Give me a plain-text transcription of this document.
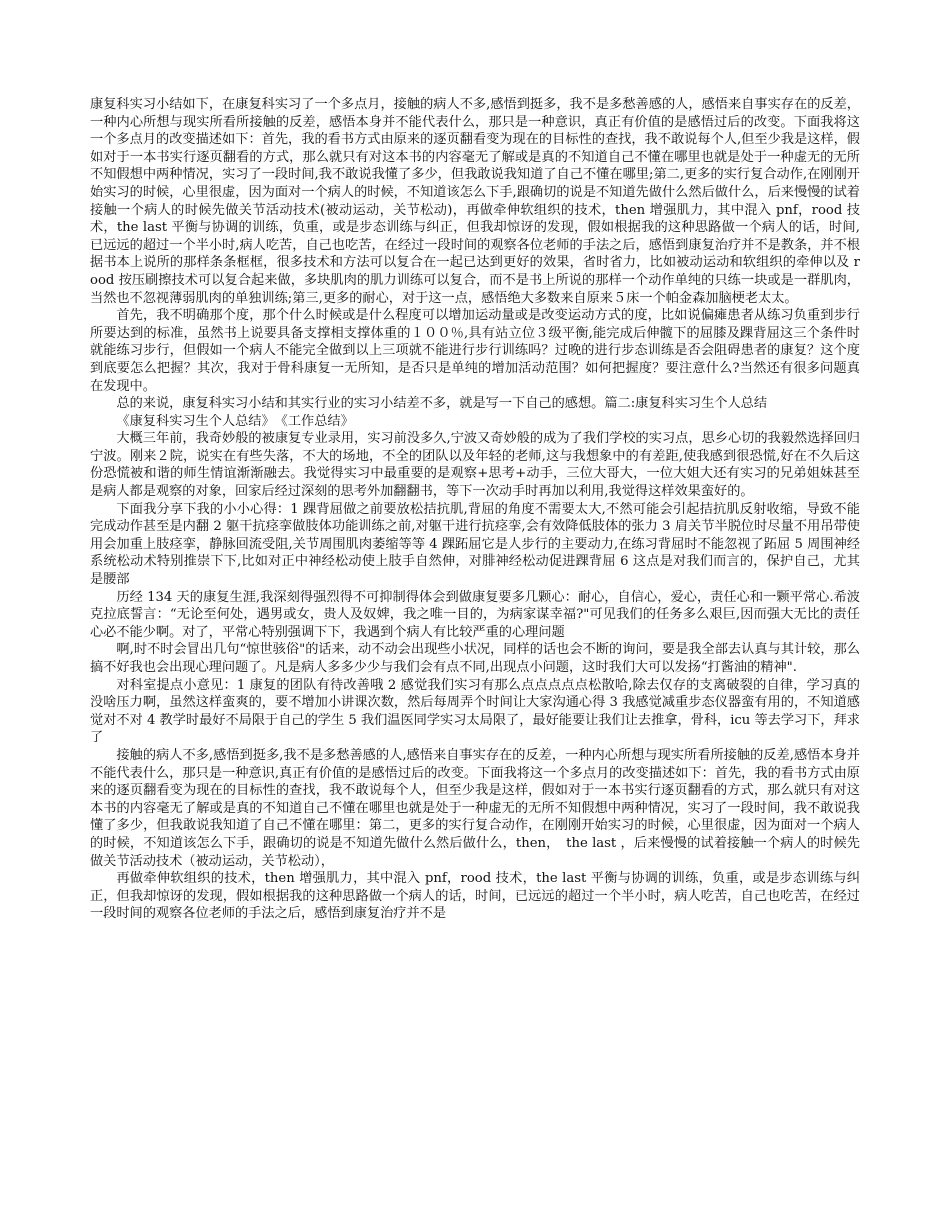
康复科实习小结如下，在康复科实习了一个多点月，接触的病人不多,感悟到挺多，我不是多愁善感的人，感悟来自事实存在的反差，一种内心所想与现实所看所接触的反差，感悟本身并不能代表什么，那只是一种意识，真正有价值的是感悟过后的改变。下面我将这一个多点月的改变描述如下：首先，我的看书方式由原来的逐页翻看变为现在的目标性的查找，我不敢说每个人,但至少我是这样，假如对于一本书实行逐页翻看的方式，那么就只有对这本书的内容毫无了解或是真的不知道自己不懂在哪里也就是处于一种虚无的无所不知假想中两种情况，实习了一段时间,我不敢说我懂了多少，但我敢说我知道了自己不懂在哪里;第二,更多的实行复合动作,在刚刚开始实习的时候，心里很虚，因为面对一个病人的时候，不知道该怎么下手,跟确切的说是不知道先做什么然后做什么，后来慢慢的试着接触一个病人的时候先做关节活动技术(被动运动，关节松动)，再做牵伸软组织的技术，then 增强肌力，其中混入 pnf，rood 技术，the last 平衡与协调的训练，负重，或是步态训练与纠正，但我却惊讶的发现，假如根据我的这种思路做一个病人的话，时间,已远远的超过一个半小时,病人吃苦，自己也吃苦，在经过一段时间的观察各位老师的手法之后，感悟到康复治疗并不是教条，并不根据书本上说所的那样条条框框，很多技术和方法可以复合在一起已达到更好的效果，省时省力，比如被动运动和软组织的牵伸以及 rood 按压刷擦技术可以复合起来做，多块肌肉的肌力训练可以复合，而不是书上所说的那样一个动作单纯的只练一块或是一群肌肉，当然也不忽视薄弱肌肉的单独训练;第三,更多的耐心，对于这一点，感悟绝大多数来自原来５床一个帕金森加脑梗老太太。

首先，我不明确那个度，那个什么时候或是什么程度可以增加运动量或是改变运动方式的度，比如说偏瘫患者从练习负重到步行所要达到的标准，虽然书上说要具备支撑相支撑体重的１００％,具有站立位３级平衡,能完成后伸髋下的屈膝及踝背屈这三个条件时就能练习步行，但假如一个病人不能完全做到以上三项就不能进行步行训练吗？过晚的进行步态训练是否会阻碍患者的康复？这个度到底要怎么把握？其次，我对于骨科康复一无所知，是否只是单纯的增加活动范围？如何把握度？要注意什么?当然还有很多问题真在发现中。

总的来说，康复科实习小结和其实行业的实习小结差不多，就是写一下自己的感想。篇二:康复科实习生个人总结

《康复科实习生个人总结》　《工作总结》

大概三年前，我奇妙般的被康复专业录用，实习前没多久,宁波又奇妙般的成为了我们学校的实习点，思乡心切的我毅然选择回归宁波。刚来２院，说实在有些失落，不大的场地，不全的团队以及年轻的老师,这与我想象中的有差距,使我感到很恐慌,好在不久后这份恐慌被和谐的师生情谊渐渐融去。我觉得实习中最重要的是观察+思考+动手，三位大哥大，一位大姐大还有实习的兄弟姐妹甚至是病人都是观察的对象，回家后经过深刻的思考外加翻翻书，等下一次动手时再加以利用,我觉得这样效果蛮好的。

下面我分享下我的小小心得：1 踝背屈做之前要放松拮抗肌,背屈的角度不需要太大,不然可能会引起拮抗肌反射收缩，导致不能完成动作甚至是内翻 2 躯干抗痉挛做肢体功能训练之前,对躯干进行抗痉挛,会有效降低肢体的张力 3 肩关节半脱位时尽量不用吊带使用会加重上肢痉挛，静脉回流受阻,关节周围肌肉萎缩等等 4 踝跖屈它是人步行的主要动力,在练习背屈时不能忽视了跖屈 5 周围神经系统松动术特别推崇下下,比如对正中神经松动使上肢手自然伸，对腓神经松动促进踝背屈 6 这点是对我们而言的，保护自己，尤其是腰部

历经 134 天的康复生涯,我深刻得强烈得不可抑制得体会到做康复要多几颗心：耐心，自信心，爱心，责任心和一颗平常心.希波克拉底誓言：“无论至何处，遇男或女，贵人及奴婢，我之唯一目的，为病家谋幸福?"可见我们的任务多么艰巨,因而强大无比的责任心必不能少啊。对了，平常心特别强调下下，我遇到个病人有比较严重的心理问题

啊,时不时会冒出几句“惊世骇俗"的话来，动不动会出现些小状况，同样的话也会不断的询问，要是我全部去认真与其计较，那么搞不好我也会出现心理问题了。凡是病人多多少少与我们会有点不同,出现点小问题，这时我们大可以发扬“打酱油的精神".

对科室提点小意见：1 康复的团队有待改善哦 2 感觉我们实习有那么点点点点点松散哈,除去仅存的支离破裂的自律，学习真的没啥压力啊，虽然这样蛮爽的，要不增加小讲课次数，然后每周弄个时间让大家沟通心得 3 我感觉减重步态仪器蛮有用的，不知道感觉对不对 4 教学时最好不局限于自己的学生 5 我们温医同学实习太局限了，最好能要让我们让去推拿，骨科，icu 等去学习下，拜求了

接触的病人不多,感悟到挺多,我不是多愁善感的人,感悟来自事实存在的反差，一种内心所想与现实所看所接触的反差,感悟本身并不能代表什么，那只是一种意识,真正有价值的是感悟过后的改变。下面我将这一个多点月的改变描述如下：首先，我的看书方式由原来的逐页翻看变为现在的目标性的查找，我不敢说每个人，但至少我是这样，假如对于一本书实行逐页翻看的方式，那么就只有对这本书的内容毫无了解或是真的不知道自己不懂在哪里也就是处于一种虚无的无所不知假想中两种情况，实习了一段时间，我不敢说我懂了多少，但我敢说我知道了自己不懂在哪里：第二，更多的实行复合动作，在刚刚开始实习的时候，心里很虚，因为面对一个病人的时候，不知道该怎么下手，跟确切的说是不知道先做什么然后做什么，then，　the last ，后来慢慢的试着接触一个病人的时候先做关节活动技术（被动运动，关节松动），

再做牵伸软组织的技术，then 增强肌力，其中混入 pnf，rood 技术，the last 平衡与协调的训练，负重，或是步态训练与纠正，但我却惊讶的发现，假如根据我的这种思路做一个病人的话，时间，已远远的超过一个半小时，病人吃苦，自己也吃苦，在经过一段时间的观察各位老师的手法之后，感悟到康复治疗并不是
